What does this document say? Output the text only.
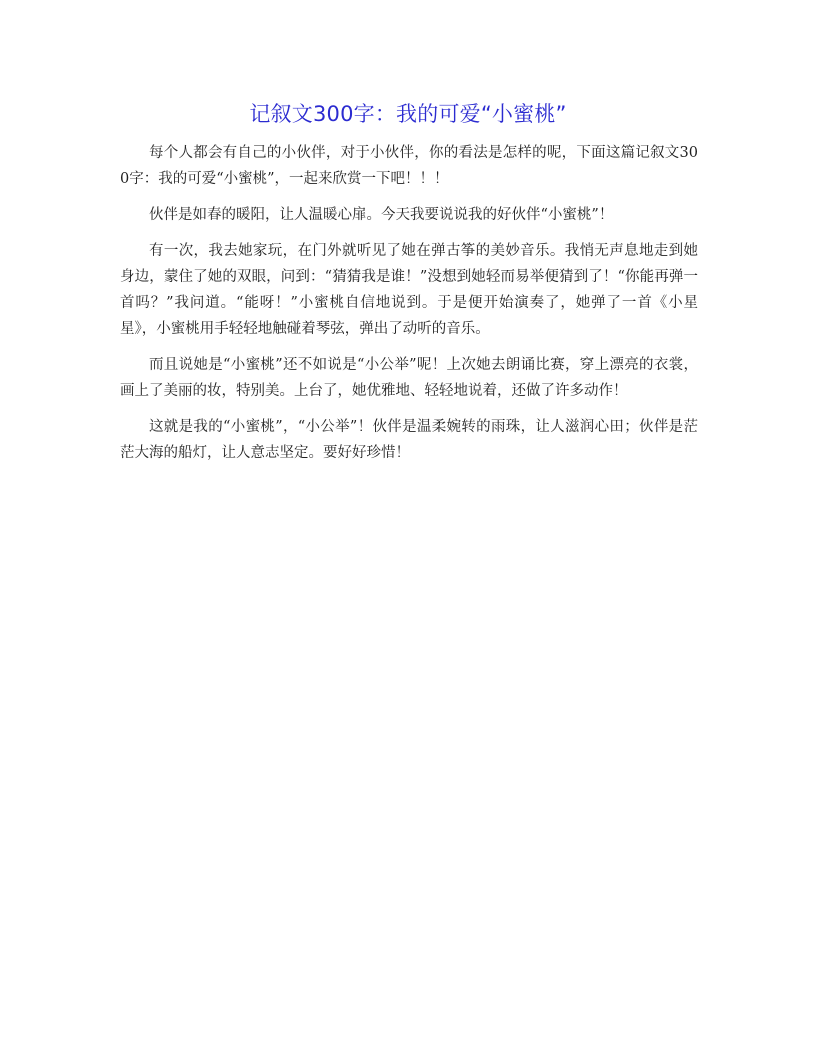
记叙文300字：我的可爱“小蜜桃”

每个人都会有自己的小伙伴，对于小伙伴，你的看法是怎样的呢，下面这篇记叙文300字：我的可爱“小蜜桃”，一起来欣赏一下吧！！！

伙伴是如春的暖阳，让人温暖心扉。今天我要说说我的好伙伴“小蜜桃”！

有一次，我去她家玩，在门外就听见了她在弹古筝的美妙音乐。我悄无声息地走到她身边，蒙住了她的双眼，问到：“猜猜我是谁！”没想到她轻而易举便猜到了！“你能再弹一首吗？”我问道。“能呀！”小蜜桃自信地说到。于是便开始演奏了，她弹了一首《小星星》，小蜜桃用手轻轻地触碰着琴弦，弹出了动听的音乐。

而且说她是“小蜜桃”还不如说是“小公举”呢！上次她去朗诵比赛，穿上漂亮的衣裳，画上了美丽的妆，特别美。上台了，她优雅地、轻轻地说着，还做了许多动作！

这就是我的“小蜜桃”，“小公举”！伙伴是温柔婉转的雨珠，让人滋润心田；伙伴是茫茫大海的船灯，让人意志坚定。要好好珍惜！
